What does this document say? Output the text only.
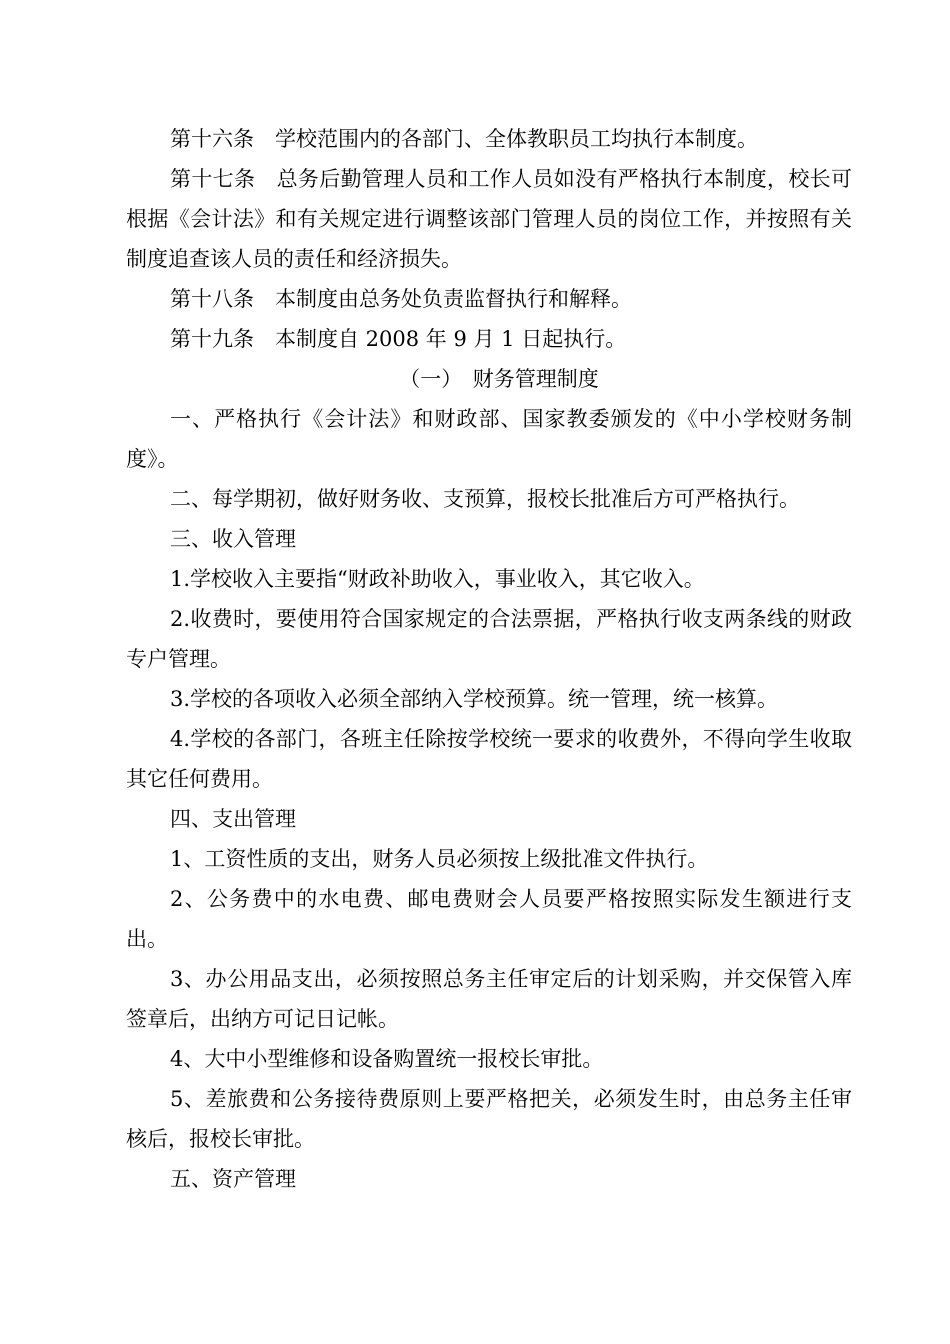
第十六条　学校范围内的各部门、全体教职员工均执行本制度。

第十七条　总务后勤管理人员和工作人员如没有严格执行本制度，校长可根据《会计法》和有关规定进行调整该部门管理人员的岗位工作，并按照有关制度追查该人员的责任和经济损失。

第十八条　本制度由总务处负责监督执行和解释。

第十九条　本制度自 2008 年 9 月 1 日起执行。

（一）　财务管理制度

一、严格执行《会计法》和财政部、国家教委颁发的《中小学校财务制度》。

二、每学期初，做好财务收、支预算，报校长批准后方可严格执行。

三、收入管理

1.学校收入主要指“财政补助收入，事业收入，其它收入。

2.收费时，要使用符合国家规定的合法票据，严格执行收支两条线的财政专户管理。

3.学校的各项收入必须全部纳入学校预算。统一管理，统一核算。

4.学校的各部门，各班主任除按学校统一要求的收费外，不得向学生收取其它任何费用。

四、支出管理

1、工资性质的支出，财务人员必须按上级批准文件执行。

2、公务费中的水电费、邮电费财会人员要严格按照实际发生额进行支出。

3、办公用品支出，必须按照总务主任审定后的计划采购，并交保管入库签章后，出纳方可记日记帐。

4、大中小型维修和设备购置统一报校长审批。

5、差旅费和公务接待费原则上要严格把关，必须发生时，由总务主任审核后，报校长审批。

五、资产管理
